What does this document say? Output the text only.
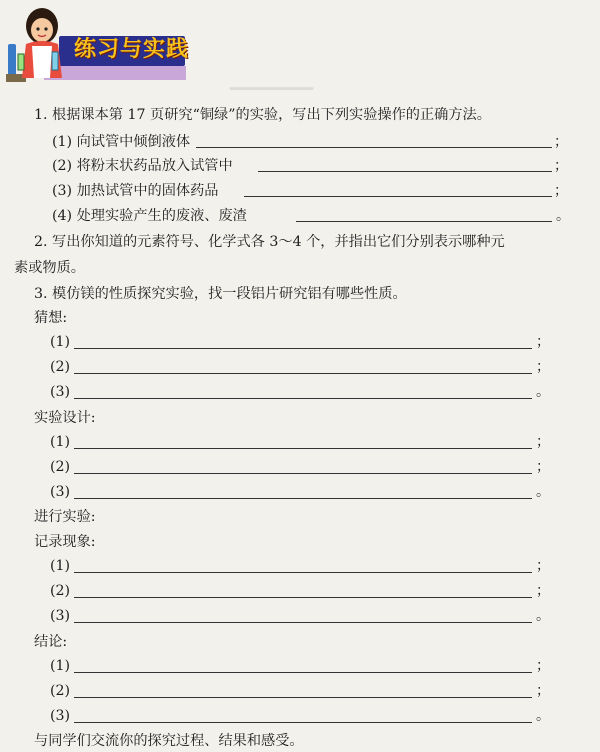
▔▔▔▔▔▔
练习与实践
1. 根据课本第 17 页研究“铜绿”的实验，写出下列实验操作的正确方法。
(1) 向试管中倾倒液体	；
(2) 将粉末状药品放入试管中	；
(3) 加热试管中的固体药品	；
(4) 处理实验产生的废液、废渣	。
2. 写出你知道的元素符号、化学式各 3～4 个，并指出它们分别表示哪种元
素或物质。
3. 模仿镁的性质探究实验，找一段铝片研究铝有哪些性质。
猜想:
(1)	；
(2)	；
(3)	。
实验设计:
(1)	；
(2)	；
(3)	。
进行实验:
记录现象:
(1)	；
(2)	；
(3)	。
结论:
(1)	；
(2)	；
(3)	。
与同学们交流你的探究过程、结果和感受。
